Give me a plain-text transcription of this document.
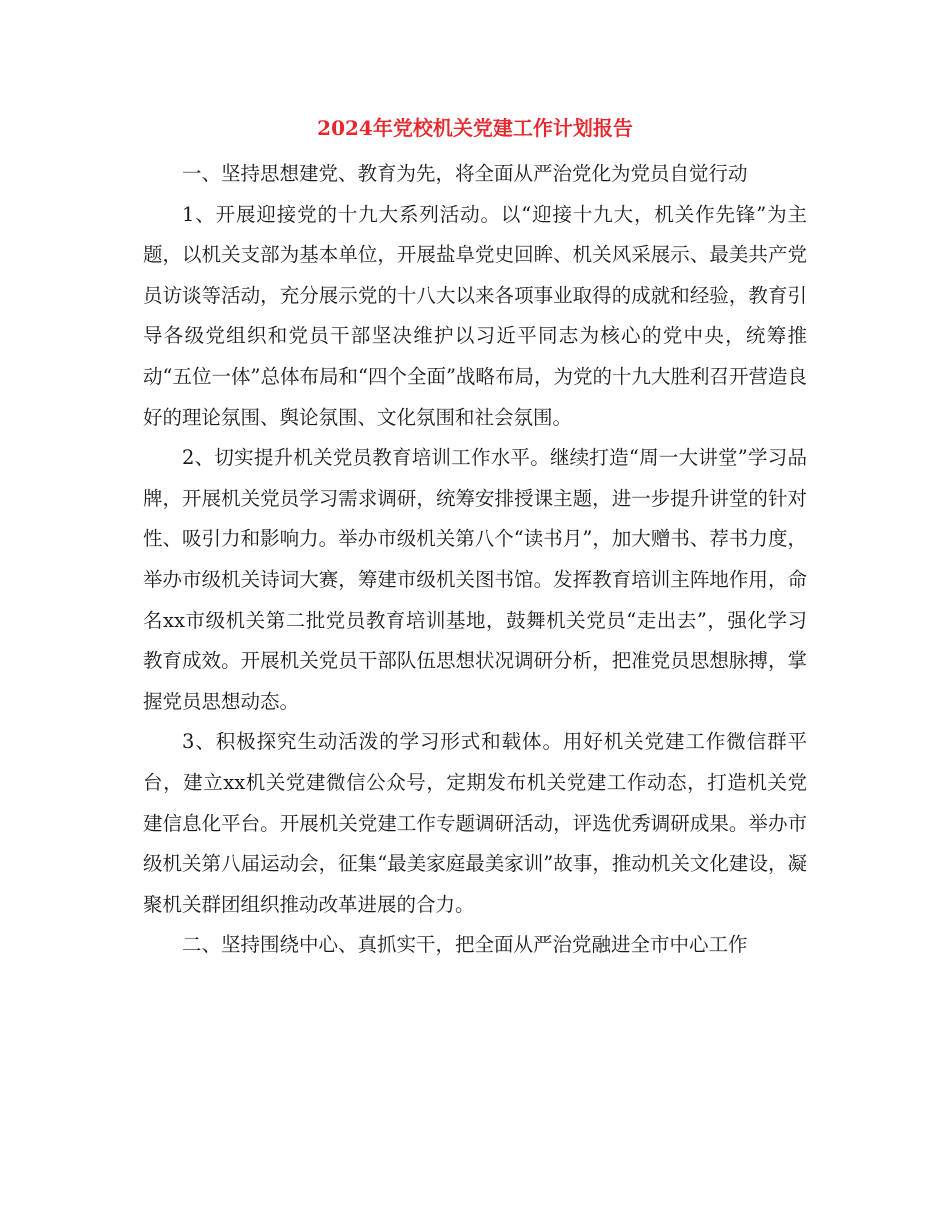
2024年党校机关党建工作计划报告

一、坚持思想建党、教育为先，将全面从严治党化为党员自觉行动

1、开展迎接党的十九大系列活动。以“迎接十九大，机关作先锋”为主题，以机关支部为基本单位，开展盐阜党史回眸、机关风采展示、最美共产党员访谈等活动，充分展示党的十八大以来各项事业取得的成就和经验，教育引导各级党组织和党员干部坚决维护以习近平同志为核心的党中央，统筹推动“五位一体”总体布局和“四个全面”战略布局，为党的十九大胜利召开营造良好的理论氛围、舆论氛围、文化氛围和社会氛围。

2、切实提升机关党员教育培训工作水平。继续打造“周一大讲堂”学习品牌，开展机关党员学习需求调研，统筹安排授课主题，进一步提升讲堂的针对性、吸引力和影响力。举办市级机关第八个“读书月”，加大赠书、荐书力度，举办市级机关诗词大赛，筹建市级机关图书馆。发挥教育培训主阵地作用，命名xx市级机关第二批党员教育培训基地，鼓舞机关党员“走出去”，强化学习教育成效。开展机关党员干部队伍思想状况调研分析，把准党员思想脉搏，掌握党员思想动态。

3、积极探究生动活泼的学习形式和载体。用好机关党建工作微信群平台，建立xx机关党建微信公众号，定期发布机关党建工作动态，打造机关党建信息化平台。开展机关党建工作专题调研活动，评选优秀调研成果。举办市级机关第八届运动会，征集“最美家庭最美家训”故事，推动机关文化建设，凝聚机关群团组织推动改革进展的合力。

二、坚持围绕中心、真抓实干，把全面从严治党融进全市中心工作
